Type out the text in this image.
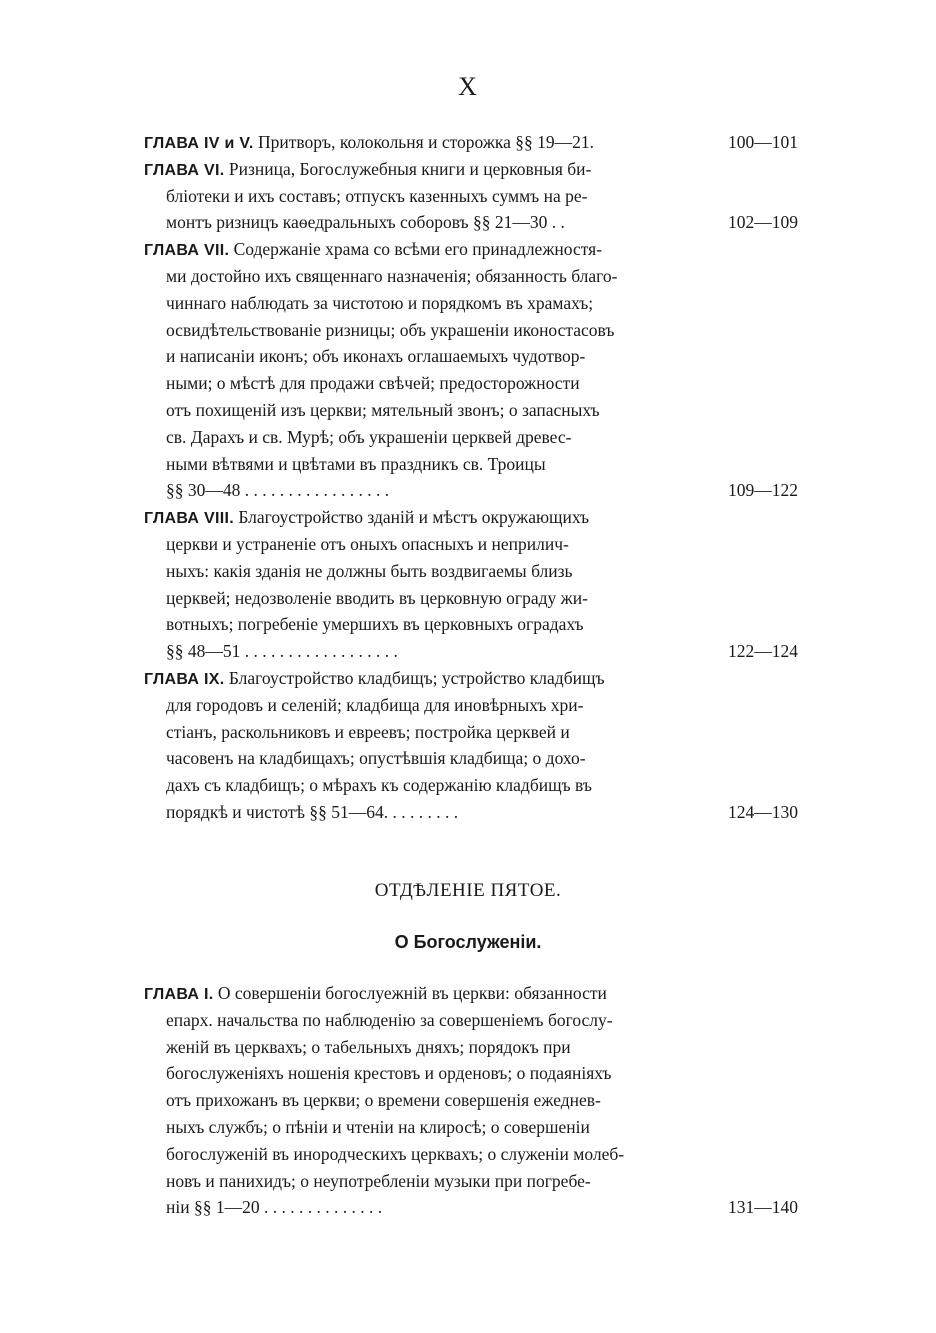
X
ГЛАВА IV и V. Притворъ, колокольня и сторожка §§ 19—21.	100—101
ГЛАВА VI. Ризница, Богослужебныя книги и церковныя би-
бліотеки и ихъ составъ; отпускъ казенныхъ суммъ на ре-
монтъ ризницъ каѳедральныхъ соборовъ §§ 21—30 . .	102—109
ГЛАВА VII. Содержаніе храма со всѣми его принадлежностя-
ми достойно ихъ священнаго назначенія; обязанность благо-
чиннаго наблюдать за чистотою и порядкомъ въ храмахъ;
освидѣтельствованіе ризницы; объ украшеніи иконостасовъ
и написаніи иконъ; объ иконахъ оглашаемыхъ чудотвор-
ными; о мѣстѣ для продажи свѣчей; предосторожности
отъ похищеній изъ церкви; мятельный звонъ; о запасныхъ
св. Дарахъ и св. Мурѣ; объ украшеніи церквей древес-
ными вѣтвями и цвѣтами въ праздникъ св. Троицы
§§ 30—48 . . . . . . . . . . . . . . . . .	109—122
ГЛАВА VIII. Благоустройство зданій и мѣстъ окружающихъ
церкви и устраненіе отъ оныхъ опасныхъ и неприлич-
ныхъ: какія зданія не должны быть воздвигаемы близь
церквей; недозволеніе вводить въ церковную ограду жи-
вотныхъ; погребеніе умершихъ въ церковныхъ оградахъ
§§ 48—51 . . . . . . . . . . . . . . . . . .	122—124
ГЛАВА IX. Благоустройство кладбищъ; устройство кладбищъ
для городовъ и селеній; кладбища для иновѣрныхъ хри-
стіанъ, раскольниковъ и евреевъ; постройка церквей и
часовенъ на кладбищахъ; опустѣвшія кладбища; о дохо-
дахъ съ кладбищъ; о мѣрахъ къ содержанію кладбищъ въ
порядкѣ и чистотѣ §§ 51—64. . . . . . . . .	124—130
ОТДѢЛЕНІЕ ПЯТОЕ.
О Богослуженіи.
ГЛАВА I. О совершеніи богослуежній въ церкви: обязанности
епарх. начальства по наблюденію за совершеніемъ богослу-
женій въ церквахъ; о табельныхъ дняхъ; порядокъ при
богослуженіяхъ ношенія крестовъ и орденовъ; о подаяніяхъ
отъ прихожанъ въ церкви; о времени совершенія ежеднев-
ныхъ службъ; о пѣніи и чтеніи на клиросѣ; о совершеніи
богослуженій въ инородческихъ церквахъ; о служеніи молеб-
новъ и панихидъ; о неупотребленіи музыки при погребе-
ніи §§ 1—20 . . . . . . . . . . . . . .	131—140
